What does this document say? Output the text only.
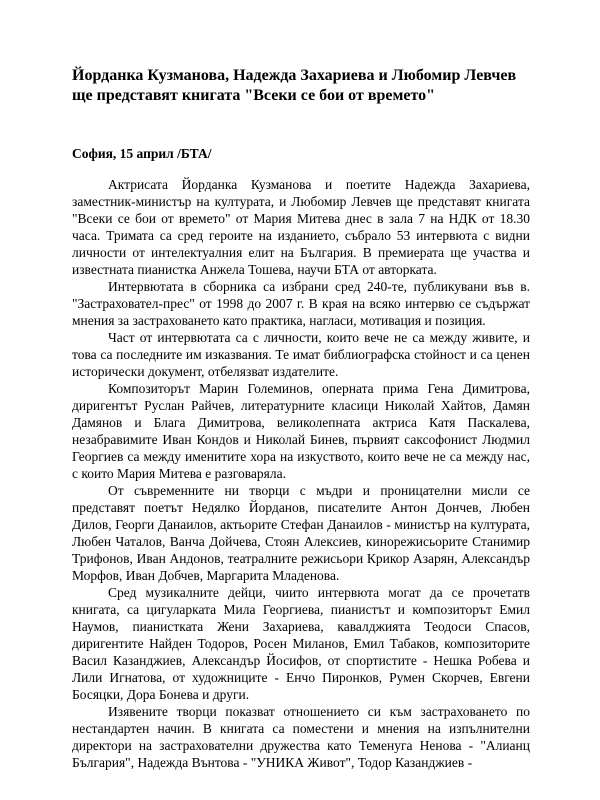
Йорданка Кузманова, Надежда Захариева и Любомир Левчев ще представят книгата "Всеки се бои от времето"
София, 15 април /БТА/

Актрисата Йорданка Кузманова и поетите Надежда Захариева, заместник-министър на културата, и Любомир Левчев ще представят книгата "Всеки се бои от времето" от Мария Митева днес в зала 7 на НДК от 18.30 часа. Тримата са сред героите на изданието, събрало 53 интервюта с видни личности от интелектуалния елит на България. В премиерата ще участва и известната пианистка Анжела Тошева, научи БТА от авторката.

Интервютата в сборника са избрани сред 240-те, публикувани във в. "Застраховател-прес" от 1998 до 2007 г. В края на всяко интервю се съдържат мнения за застраховането като практика, нагласи, мотивация и позиция.

Част от интервютата са с личности, които вече не са между живите, и това са последните им изказвания. Те имат библиографска стойност и са ценен исторически документ, отбелязват издателите.

Композиторът Марин Големинов, оперната прима Гена Димитрова, диригентът Руслан Райчев, литературните класици Николай Хайтов, Дамян Дамянов и Блага Димитрова, великолепната актриса Катя Паскалева, незабравимите Иван Кондов и Николай Бинев, първият саксофонист Людмил Георгиев са между именитите хора на изкуството, които вече не са между нас, с които Мария Митева е разговаряла.

От съвременните ни творци с мъдри и проницателни мисли се представят поетът Недялко Йорданов, писателите Антон Дончев, Любен Дилов, Георги Данаилов, актьорите Стефан Данаилов - министър на културата, Любен Чаталов, Ванча Дойчева, Стоян Алексиев, кинорежисьорите Станимир Трифонов, Иван Андонов, театралните режисьори Крикор Азарян, Александър Морфов, Иван Добчев, Маргарита Младенова.

Сред музикалните дейци, чиито интервюта могат да се прочетатв книгата, са цигуларката Мила Георгиева, пианистът и композиторът Емил Наумов, пианистката Жени Захариева, кавалджията Теодоси Спасов, диригентите Найден Тодоров, Росен Миланов, Емил Табаков, композиторите Васил Казанджиев, Александър Йосифов, от спортистите - Нешка Робева и Лили Игнатова, от художниците - Енчо Пиронков, Румен Скорчев, Евгени Босяцки, Дора Бонева и други.

Изявените творци показват отношението си към застраховането по нестандартен начин. В книгата са поместени и мнения на изпълнителни директори на застрахователни дружества като Теменуга Ненова - "Алианц България", Надежда Вънтова - "УНИКА Живот", Тодор Казанджиев -
